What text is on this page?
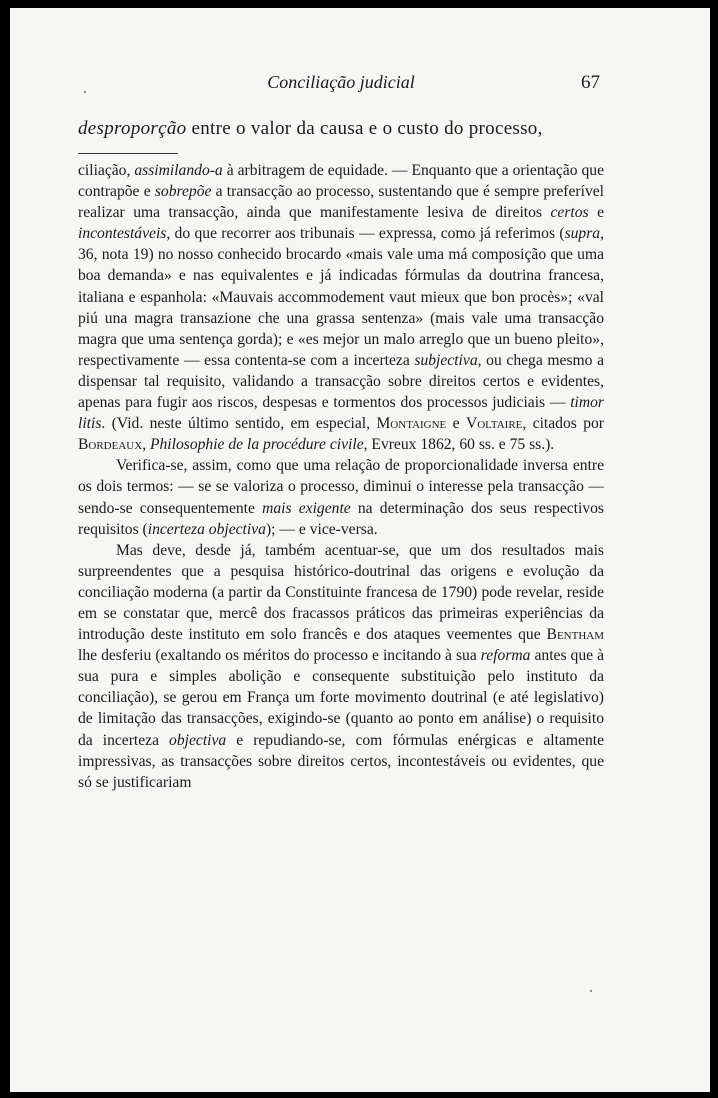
Conciliação judicial	67
desproporção entre o valor da causa e o custo do processo,

ciliação, assimilando-a à arbitragem de equidade. — Enquanto que a orientação que contrapõe e sobrepõe a transacção ao processo, sustentando que é sempre preferível realizar uma transacção, ainda que manifestamente lesiva de direitos certos e incontestáveis, do que recorrer aos tribunais — expressa, como já referimos (supra, 36, nota 19) no nosso conhecido brocardo «mais vale uma má composição que uma boa demanda» e nas equivalentes e já indicadas fórmulas da doutrina francesa, italiana e espanhola: «Mauvais accommodement vaut mieux que bon procès»; «val piú una magra transazione che una grassa sentenza» (mais vale uma transacção magra que uma sentença gorda); e «es mejor un malo arreglo que un bueno pleito», respectivamente — essa contenta-se com a incerteza subjectiva, ou chega mesmo a dispensar tal requisito, validando a transacção sobre direitos certos e evidentes, apenas para fugir aos riscos, despesas e tormentos dos processos judiciais — timor litis. (Vid. neste último sentido, em especial, Montaigne e Voltaire, citados por Bordeaux, Philosophie de la procédure civile, Evreux 1862, 60 ss. e 75 ss.).

Verifica-se, assim, como que uma relação de proporcionalidade inversa entre os dois termos: — se se valoriza o processo, diminui o interesse pela transacção — sendo-se consequentemente mais exigente na determinação dos seus respectivos requisitos (incerteza objectiva); — e vice-versa.

Mas deve, desde já, também acentuar-se, que um dos resultados mais surpreendentes que a pesquisa histórico-doutrinal das origens e evolução da conciliação moderna (a partir da Constituinte francesa de 1790) pode revelar, reside em se constatar que, mercê dos fracassos práticos das primeiras experiências da introdução deste instituto em solo francês e dos ataques veementes que Bentham lhe desferiu (exaltando os méritos do processo e incitando à sua reforma antes que à sua pura e simples abolição e consequente substituição pelo instituto da conciliação), se gerou em França um forte movimento doutrinal (e até legislativo) de limitação das transacções, exigindo-se (quanto ao ponto em análise) o requisito da incerteza objectiva e repudiando-se, com fórmulas enérgicas e altamente impressivas, as transacções sobre direitos certos, incontestáveis ou evidentes, que só se justificariam
